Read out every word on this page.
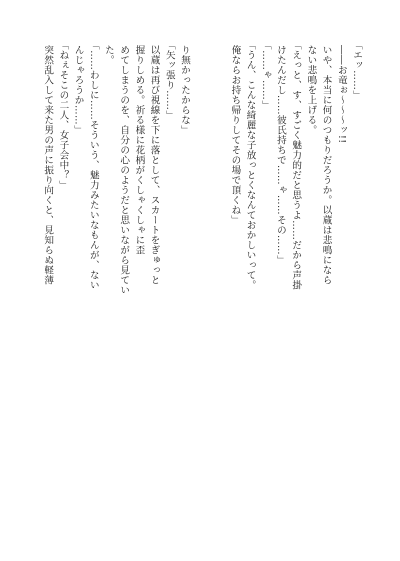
｢エッ……｣
――お竜ぉ〜〜〜ッ!!
いや、本当に何のつもりだろうか。以蔵は悲鳴になら
ない悲鳴を上げる。
｢えっと、す、すごく魅力的だと思うよ……だから声掛
けたんだし……彼氏持ちで……ゃ……その……｣
｢……ゃ……｣
｢うん、こんな綺麗な子放っとくなんておかしいって。
俺ならお持ち帰りしてその場で頂くね｣

り無かったからな｣
｢矢ッ張り……｣
以蔵は再び視線を下に落として、スカートをぎゅっと
握りしめる。祈る様に花柄がくしゃくしゃに歪
めてしまうのを、自分の心のようだと思いながら見てい
た。
｢……わしに……そういう、魅力みたいなもんが、ない
んじゃろうか……｣
｢ねぇそこの二人、女子会中？｣
突然乱入して来た男の声に振り向くと、見知らぬ軽薄
